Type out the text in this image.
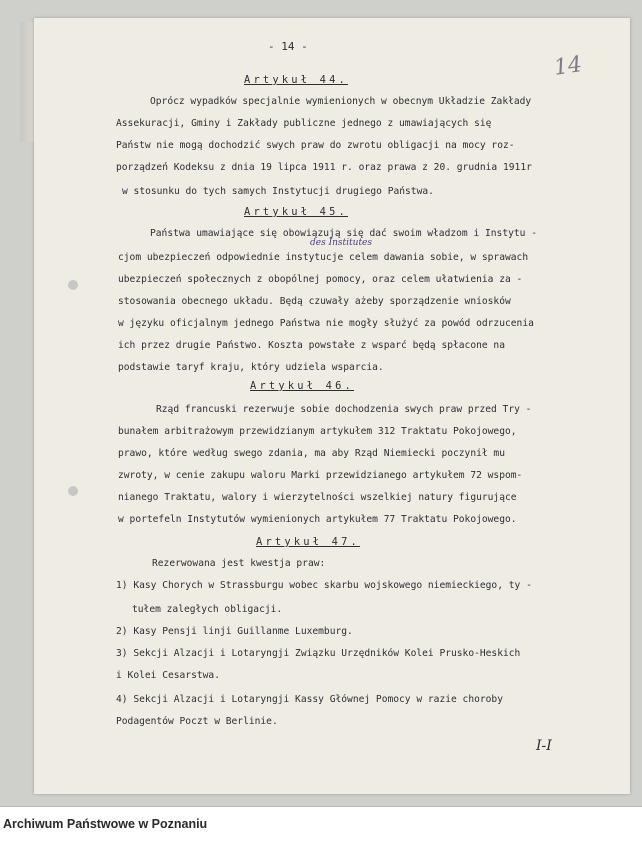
- 14 -
14
Artykuł 44.
Oprócz wypadków specjalnie wymienionych w obecnym Układzie Zakłady
Assekuracji, Gminy i Zakłady publiczne jednego z umawiających się
Państw nie mogą dochodzić swych praw do zwrotu obligacji na mocy roz-
porządzeń Kodeksu z dnia 19 lipca 1911 r. oraz prawa z 20. grudnia 1911r
w stosunku do tych samych Instytucji drugiego Państwa.
Artykuł 45.
Państwa umawiające się obowiązują się dać swoim władzom i Instytu -
cjom ubezpieczeń odpowiednie instytucje celem dawania sobie, w sprawach
ubezpieczeń społecznych z obopólnej pomocy, oraz celem ułatwienia za -
stosowania obecnego układu. Będą czuwały ażeby sporządzenie wniosków
w języku oficjalnym jednego Państwa nie mogły służyć za powód odrzucenia
ich przez drugie Państwo. Koszta powstałe z wsparć będą spłacone na
podstawie taryf kraju, który udziela wsparcia.
Artykuł 46.
Rząd francuski rezerwuje sobie dochodzenia swych praw przed Try -
bunałem arbitrażowym przewidzianym artykułem 312 Traktatu Pokojowego,
prawo, które według swego zdania, ma aby Rząd Niemiecki poczynił mu
zwroty, w cenie zakupu waloru Marki przewidzianego artykułem 72 wspom-
nianego Traktatu, walory i wierzytelności wszelkiej natury figurujące
w portefeln Instytutów wymienionych artykułem 77 Traktatu Pokojowego.
Artykuł 47.
Rezerwowana jest kwestja praw:
1) Kasy Chorych w Strassburgu wobec skarbu wojskowego niemieckiego, ty -
tułem zaległych obligacji.
2) Kasy Pensji linji Guillanme Luxemburg.
3) Sekcji Alzacji i Lotaryngji Związku Urzędników Kolei Prusko-Heskich
i Kolei Cesarstwa.
4) Sekcji Alzacji i Lotaryngji Kassy Głównej Pomocy w razie choroby
Podagentów Poczt w Berlinie.
des Institutes
I-I
Archiwum Państwowe w Poznaniu
